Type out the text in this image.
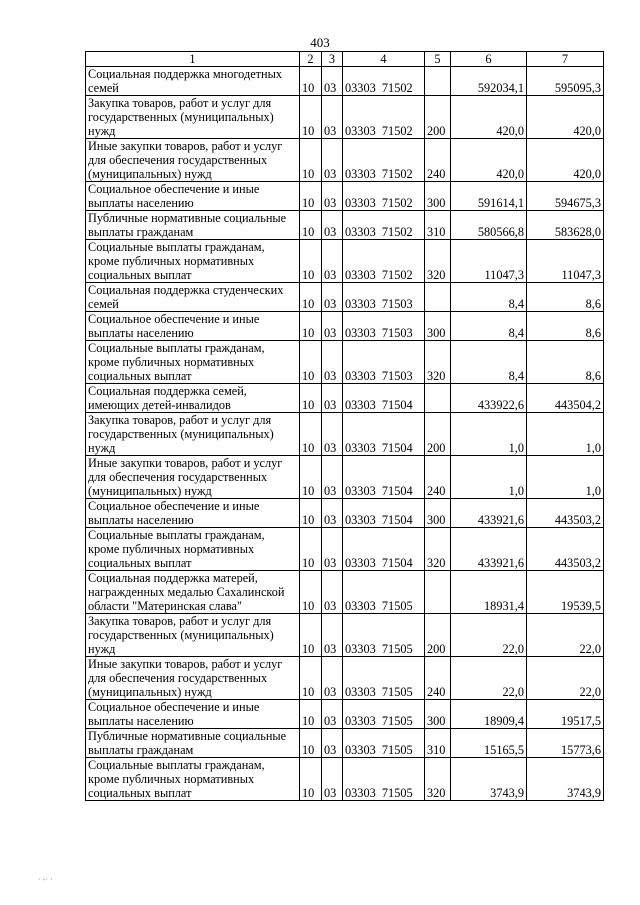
403
1	2	3	4	5	6	7
Социальная поддержка многодетных семей	10	03	03303  71502		592034,1	595095,3
Закупка товаров, работ и услуг для государственных (муниципальных) нужд	10	03	03303  71502	200	420,0	420,0
Иные закупки товаров, работ и услуг для обеспечения государственных (муниципальных) нужд	10	03	03303  71502	240	420,0	420,0
Социальное обеспечение и иные выплаты населению	10	03	03303  71502	300	591614,1	594675,3
Публичные нормативные социальные выплаты гражданам	10	03	03303  71502	310	580566,8	583628,0
Социальные выплаты гражданам, кроме публичных нормативных социальных выплат	10	03	03303  71502	320	11047,3	11047,3
Социальная поддержка студенческих семей	10	03	03303  71503		8,4	8,6
Социальное обеспечение и иные выплаты населению	10	03	03303  71503	300	8,4	8,6
Социальные выплаты гражданам, кроме публичных нормативных социальных выплат	10	03	03303  71503	320	8,4	8,6
Социальная поддержка семей, имеющих детей-инвалидов	10	03	03303  71504		433922,6	443504,2
Закупка товаров, работ и услуг для государственных (муниципальных) нужд	10	03	03303  71504	200	1,0	1,0
Иные закупки товаров, работ и услуг для обеспечения государственных (муниципальных) нужд	10	03	03303  71504	240	1,0	1,0
Социальное обеспечение и иные выплаты населению	10	03	03303  71504	300	433921,6	443503,2
Социальные выплаты гражданам, кроме публичных нормативных социальных выплат	10	03	03303  71504	320	433921,6	443503,2
Социальная поддержка матерей, награжденных медалью Сахалинской области "Материнская слава"	10	03	03303  71505		18931,4	19539,5
Закупка товаров, работ и услуг для государственных (муниципальных) нужд	10	03	03303  71505	200	22,0	22,0
Иные закупки товаров, работ и услуг для обеспечения государственных (муниципальных) нужд	10	03	03303  71505	240	22,0	22,0
Социальное обеспечение и иные выплаты населению	10	03	03303  71505	300	18909,4	19517,5
Публичные нормативные социальные выплаты гражданам	10	03	03303  71505	310	15165,5	15773,6
Социальные выплаты гражданам, кроме публичных нормативных социальных выплат	10	03	03303  71505	320	3743,9	3743,9
· -· ·
